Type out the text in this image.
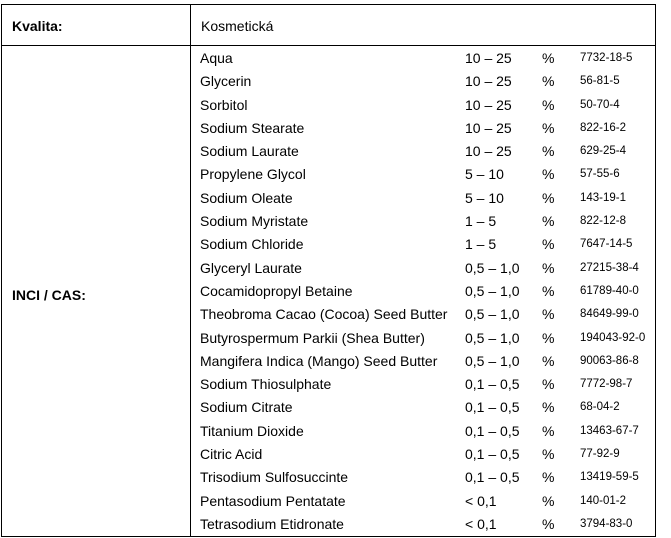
Kvalita:	Kosmetická
INCI / CAS:
Aqua	10 – 25 % 7732-18-5
Glycerin	10 – 25 % 56-81-5
Sorbitol	10 – 25 % 50-70-4
Sodium Stearate	10 – 25 % 822-16-2
Sodium Laurate	10 – 25 % 629-25-4
Propylene Glycol	5 – 10	% 57-55-6
Sodium Oleate	5 – 10	% 143-19-1
Sodium Myristate	1 – 5	% 822-12-8
Sodium Chloride	1 – 5	% 7647-14-5
Glyceryl Laurate	0,5 – 1,0 % 27215-38-4
Cocamidopropyl Betaine	0,5 – 1,0 % 61789-40-0
Theobroma Cacao (Cocoa) Seed Butter 0,5 – 1,0 % 84649-99-0
Butyrospermum Parkii (Shea Butter)	0,5 – 1,0 % 194043-92-0
Mangifera Indica (Mango) Seed Butter 0,5 – 1,0 % 90063-86-8
Sodium Thiosulphate	0,1 – 0,5 % 7772-98-7
Sodium Citrate	0,1 – 0,5 % 68-04-2
Titanium Dioxide	0,1 – 0,5 % 13463-67-7
Citric Acid	0,1 – 0,5 % 77-92-9
Trisodium Sulfosuccinte	0,1 – 0,5 % 13419-59-5
Pentasodium Pentatate	< 0,1	% 140-01-2
Tetrasodium Etidronate	< 0,1	% 3794-83-0
